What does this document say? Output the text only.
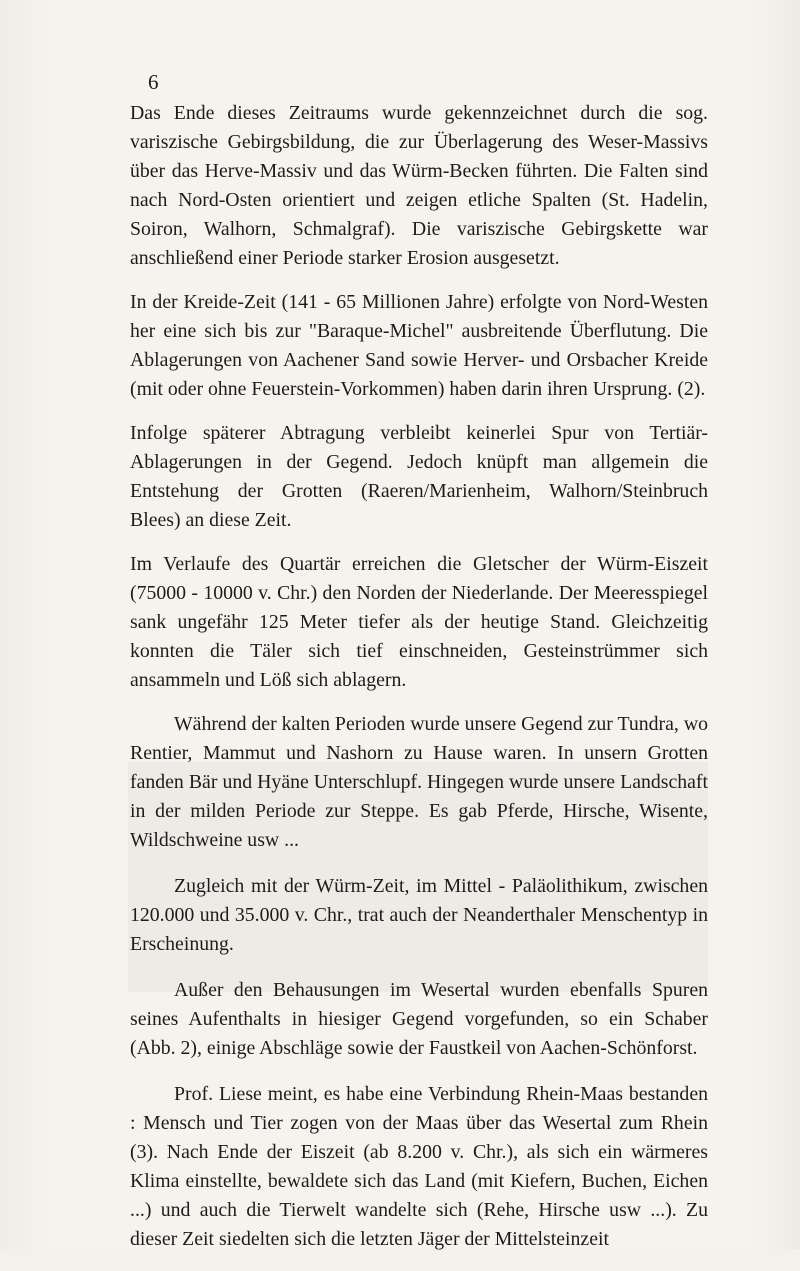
6

Das Ende dieses Zeitraums wurde gekennzeichnet durch die sog. variszische Gebirgsbildung, die zur Überlagerung des Weser-Massivs über das Herve-Massiv und das Würm-Becken führten. Die Falten sind nach Nord-Osten orientiert und zeigen etliche Spalten (St. Hadelin, Soiron, Walhorn, Schmalgraf). Die variszische Gebirgskette war anschließend einer Periode starker Erosion ausgesetzt.

In der Kreide-Zeit (141 - 65 Millionen Jahre) erfolgte von Nord-Westen her eine sich bis zur "Baraque-Michel" ausbreitende Überflutung. Die Ablagerungen von Aachener Sand sowie Herver- und Orsbacher Kreide (mit oder ohne Feuerstein-Vorkommen) haben darin ihren Ursprung. (2).

Infolge späterer Abtragung verbleibt keinerlei Spur von Tertiär-Ablagerungen in der Gegend. Jedoch knüpft man allgemein die Entstehung der Grotten (Raeren/Marienheim, Walhorn/Steinbruch Blees) an diese Zeit.

Im Verlaufe des Quartär erreichen die Gletscher der Würm-Eiszeit (75000 - 10000 v. Chr.) den Norden der Niederlande. Der Meeresspiegel sank ungefähr 125 Meter tiefer als der heutige Stand. Gleichzeitig konnten die Täler sich tief einschneiden, Gesteinstrümmer sich ansammeln und Löß sich ablagern.

Während der kalten Perioden wurde unsere Gegend zur Tundra, wo Rentier, Mammut und Nashorn zu Hause waren. In unsern Grotten fanden Bär und Hyäne Unterschlupf. Hingegen wurde unsere Landschaft in der milden Periode zur Steppe. Es gab Pferde, Hirsche, Wisente, Wildschweine usw ...

Zugleich mit der Würm-Zeit, im Mittel - Paläolithikum, zwischen 120.000 und 35.000 v. Chr., trat auch der Neanderthaler Menschentyp in Erscheinung.

Außer den Behausungen im Wesertal wurden ebenfalls Spuren seines Aufenthalts in hiesiger Gegend vorgefunden, so ein Schaber (Abb. 2), einige Abschläge sowie der Faustkeil von Aachen-Schönforst.

Prof. Liese meint, es habe eine Verbindung Rhein-Maas bestanden : Mensch und Tier zogen von der Maas über das Wesertal zum Rhein (3). Nach Ende der Eiszeit (ab 8.200 v. Chr.), als sich ein wärmeres Klima einstellte, bewaldete sich das Land (mit Kiefern, Buchen, Eichen ...) und auch die Tierwelt wandelte sich (Rehe, Hirsche usw ...). Zu dieser Zeit siedelten sich die letzten Jäger der Mittelsteinzeit
